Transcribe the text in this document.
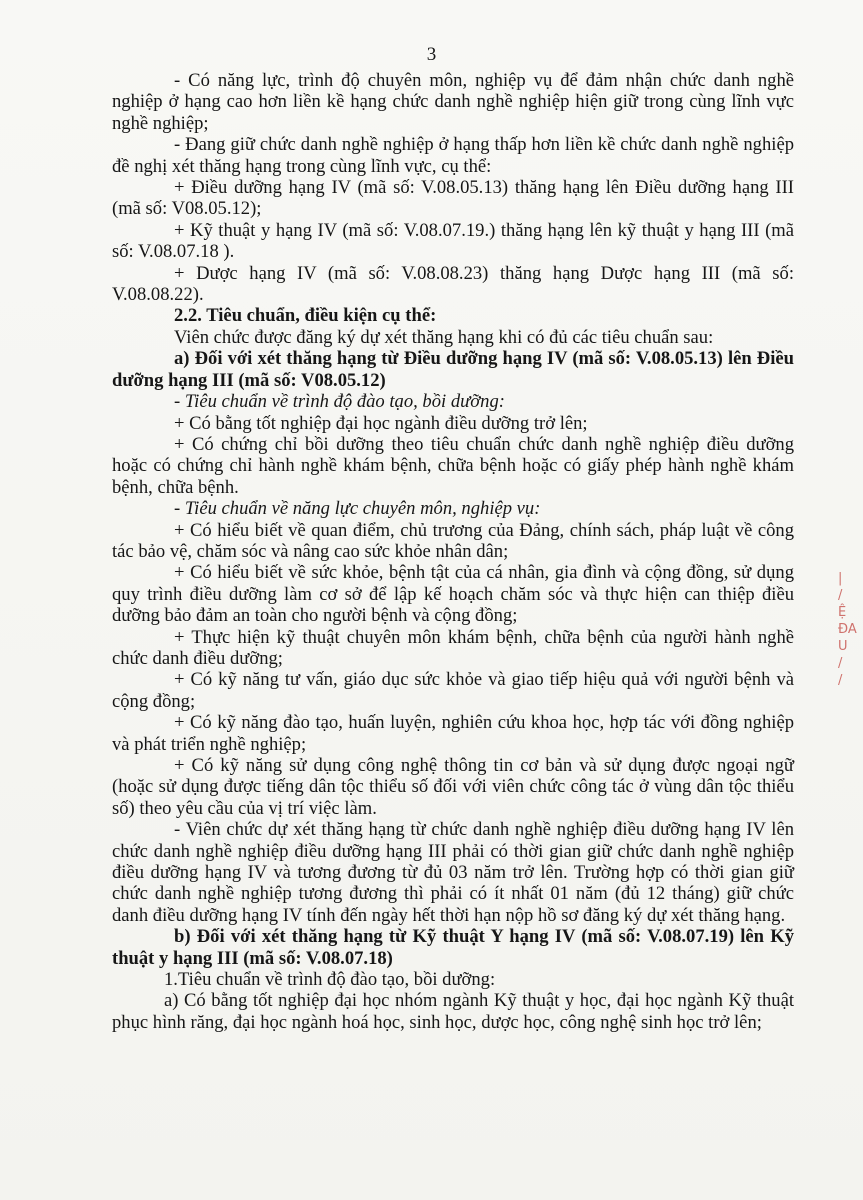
3

- Có năng lực, trình độ chuyên môn, nghiệp vụ để đảm nhận chức danh nghề nghiệp ở hạng cao hơn liền kề hạng chức danh nghề nghiệp hiện giữ trong cùng lĩnh vực nghề nghiệp;

- Đang giữ chức danh nghề nghiệp ở hạng thấp hơn liền kề chức danh nghề nghiệp đề nghị xét thăng hạng trong cùng lĩnh vực, cụ thể:

+ Điều dưỡng hạng IV (mã số: V.08.05.13) thăng hạng lên Điều dưỡng hạng III (mã số: V08.05.12);

+ Kỹ thuật y hạng IV (mã số: V.08.07.19.) thăng hạng lên kỹ thuật y hạng III (mã số: V.08.07.18 ).

+ Dược hạng IV (mã số: V.08.08.23) thăng hạng Dược hạng III (mã số: V.08.08.22).

2.2. Tiêu chuẩn, điều kiện cụ thể:

Viên chức được đăng ký dự xét thăng hạng khi có đủ các tiêu chuẩn sau:

a) Đối với xét thăng hạng từ Điều dưỡng hạng IV (mã số: V.08.05.13) lên Điều dưỡng hạng III (mã số: V08.05.12)

- Tiêu chuẩn về trình độ đào tạo, bồi dưỡng:

+ Có bằng tốt nghiệp đại học ngành điều dưỡng trở lên;

+ Có chứng chỉ bồi dưỡng theo tiêu chuẩn chức danh nghề nghiệp điều dưỡng hoặc có chứng chỉ hành nghề khám bệnh, chữa bệnh hoặc có giấy phép hành nghề khám bệnh, chữa bệnh.

- Tiêu chuẩn về năng lực chuyên môn, nghiệp vụ:

+ Có hiểu biết về quan điểm, chủ trương của Đảng, chính sách, pháp luật về công tác bảo vệ, chăm sóc và nâng cao sức khỏe nhân dân;

+ Có hiểu biết về sức khỏe, bệnh tật của cá nhân, gia đình và cộng đồng, sử dụng quy trình điều dưỡng làm cơ sở để lập kế hoạch chăm sóc và thực hiện can thiệp điều dưỡng bảo đảm an toàn cho người bệnh và cộng đồng;

+ Thực hiện kỹ thuật chuyên môn khám bệnh, chữa bệnh của người hành nghề chức danh điều dưỡng;

+ Có kỹ năng tư vấn, giáo dục sức khỏe và giao tiếp hiệu quả với người bệnh và cộng đồng;

+ Có kỹ năng đào tạo, huấn luyện, nghiên cứu khoa học, hợp tác với đồng nghiệp và phát triển nghề nghiệp;

+ Có kỹ năng sử dụng công nghệ thông tin cơ bản và sử dụng được ngoại ngữ (hoặc sử dụng được tiếng dân tộc thiểu số đối với viên chức công tác ở vùng dân tộc thiểu số) theo yêu cầu của vị trí việc làm.

- Viên chức dự xét thăng hạng từ chức danh nghề nghiệp điều dưỡng hạng IV lên chức danh nghề nghiệp điều dưỡng hạng III phải có thời gian giữ chức danh nghề nghiệp điều dưỡng hạng IV và tương đương từ đủ 03 năm trở lên. Trường hợp có thời gian giữ chức danh nghề nghiệp tương đương thì phải có ít nhất 01 năm (đủ 12 tháng) giữ chức danh điều dưỡng hạng IV tính đến ngày hết thời hạn nộp hồ sơ đăng ký dự xét thăng hạng.

b) Đối với xét thăng hạng từ Kỹ thuật Y hạng IV (mã số: V.08.07.19) lên Kỹ thuật y hạng III (mã số: V.08.07.18)

1.Tiêu chuẩn về trình độ đào tạo, bồi dưỡng:

a) Có bằng tốt nghiệp đại học nhóm ngành Kỹ thuật y học, đại học ngành Kỹ thuật phục hình răng, đại học ngành hoá học, sinh học, dược học, công nghệ sinh học trở lên;

|
/
Ệ
ĐA
U
/
/
